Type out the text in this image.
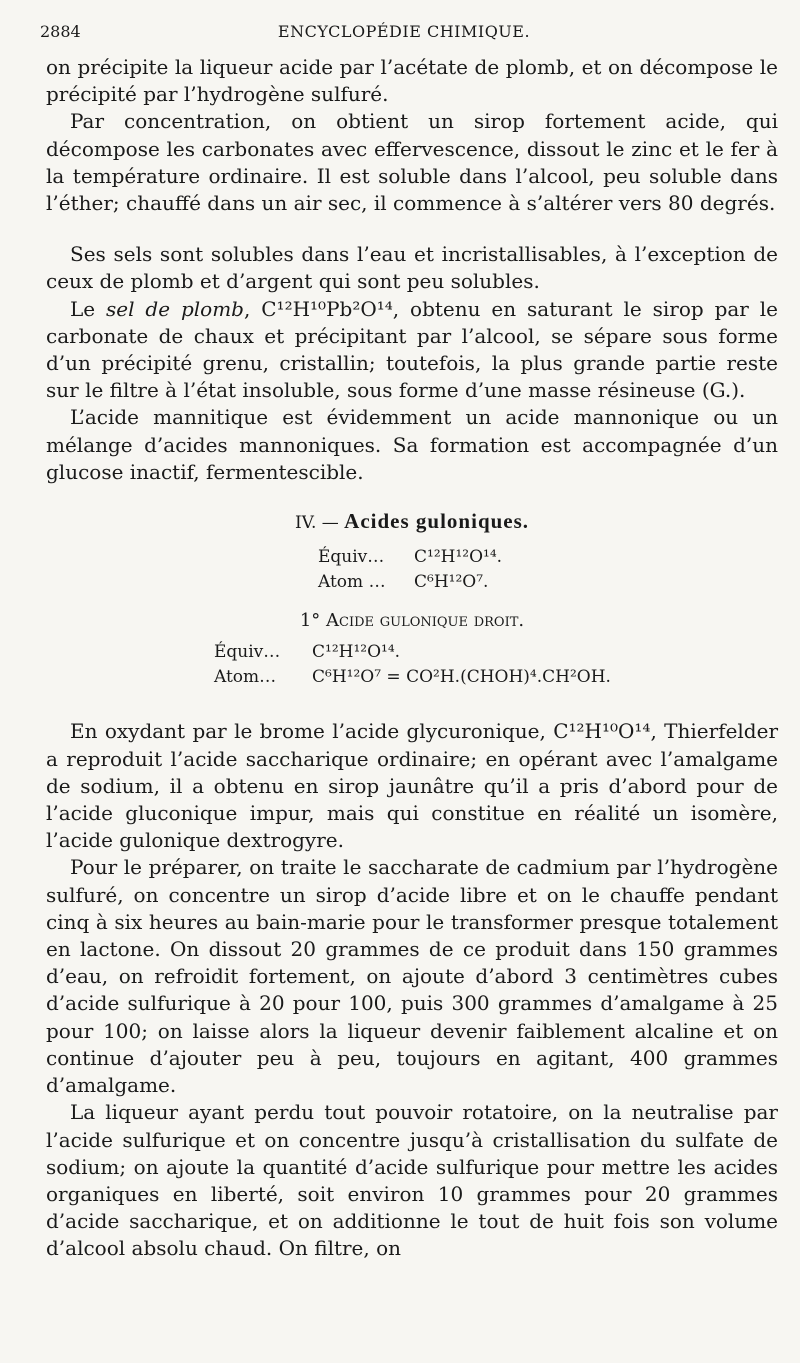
2884	ENCYCLOPÉDIE CHIMIQUE.

on précipite la liqueur acide par l’acétate de plomb, et on décompose le précipité par l’hydrogène sulfuré.

Par concentration, on obtient un sirop fortement acide, qui décompose les carbonates avec effervescence, dissout le zinc et le fer à la température ordinaire. Il est soluble dans l’alcool, peu soluble dans l’éther; chauffé dans un air sec, il commence à s’altérer vers 80 degrés.

Ses sels sont solubles dans l’eau et incristallisables, à l’exception de ceux de plomb et d’argent qui sont peu solubles.

Le sel de plomb, C¹²H¹⁰Pb²O¹⁴, obtenu en saturant le sirop par le carbonate de chaux et précipitant par l’alcool, se sépare sous forme d’un précipité grenu, cristallin; toutefois, la plus grande partie reste sur le filtre à l’état insoluble, sous forme d’une masse résineuse (G.).

L’acide mannitique est évidemment un acide mannonique ou un mélange d’acides mannoniques. Sa formation est accompagnée d’un glucose inactif, fermentescible.

IV. — Acides guloniques.
Équiv…	C¹²H¹²O¹⁴.
Atom …	C⁶H¹²O⁷.
1° Acide gulonique droit.
Équiv…	C¹²H¹²O¹⁴.
Atom…	C⁶H¹²O⁷ = CO²H.(CHOH)⁴.CH²OH.

En oxydant par le brome l’acide glycuronique, C¹²H¹⁰O¹⁴, Thierfelder a reproduit l’acide saccharique ordinaire; en opérant avec l’amalgame de sodium, il a obtenu en sirop jaunâtre qu’il a pris d’abord pour de l’acide gluconique impur, mais qui constitue en réalité un isomère, l’acide gulonique dextrogyre.

Pour le préparer, on traite le saccharate de cadmium par l’hydrogène sulfuré, on concentre un sirop d’acide libre et on le chauffe pendant cinq à six heures au bain-marie pour le transformer presque totalement en lactone. On dissout 20 grammes de ce produit dans 150 grammes d’eau, on refroidit fortement, on ajoute d’abord 3 centimètres cubes d’acide sulfurique à 20 pour 100, puis 300 grammes d’amalgame à 25 pour 100; on laisse alors la liqueur devenir faiblement alcaline et on continue d’ajouter peu à peu, toujours en agitant, 400 grammes d’amalgame.

La liqueur ayant perdu tout pouvoir rotatoire, on la neutralise par l’acide sulfurique et on concentre jusqu’à cristallisation du sulfate de sodium; on ajoute la quantité d’acide sulfurique pour mettre les acides organiques en liberté, soit environ 10 grammes pour 20 grammes d’acide saccharique, et on additionne le tout de huit fois son volume d’alcool absolu chaud. On filtre, on
